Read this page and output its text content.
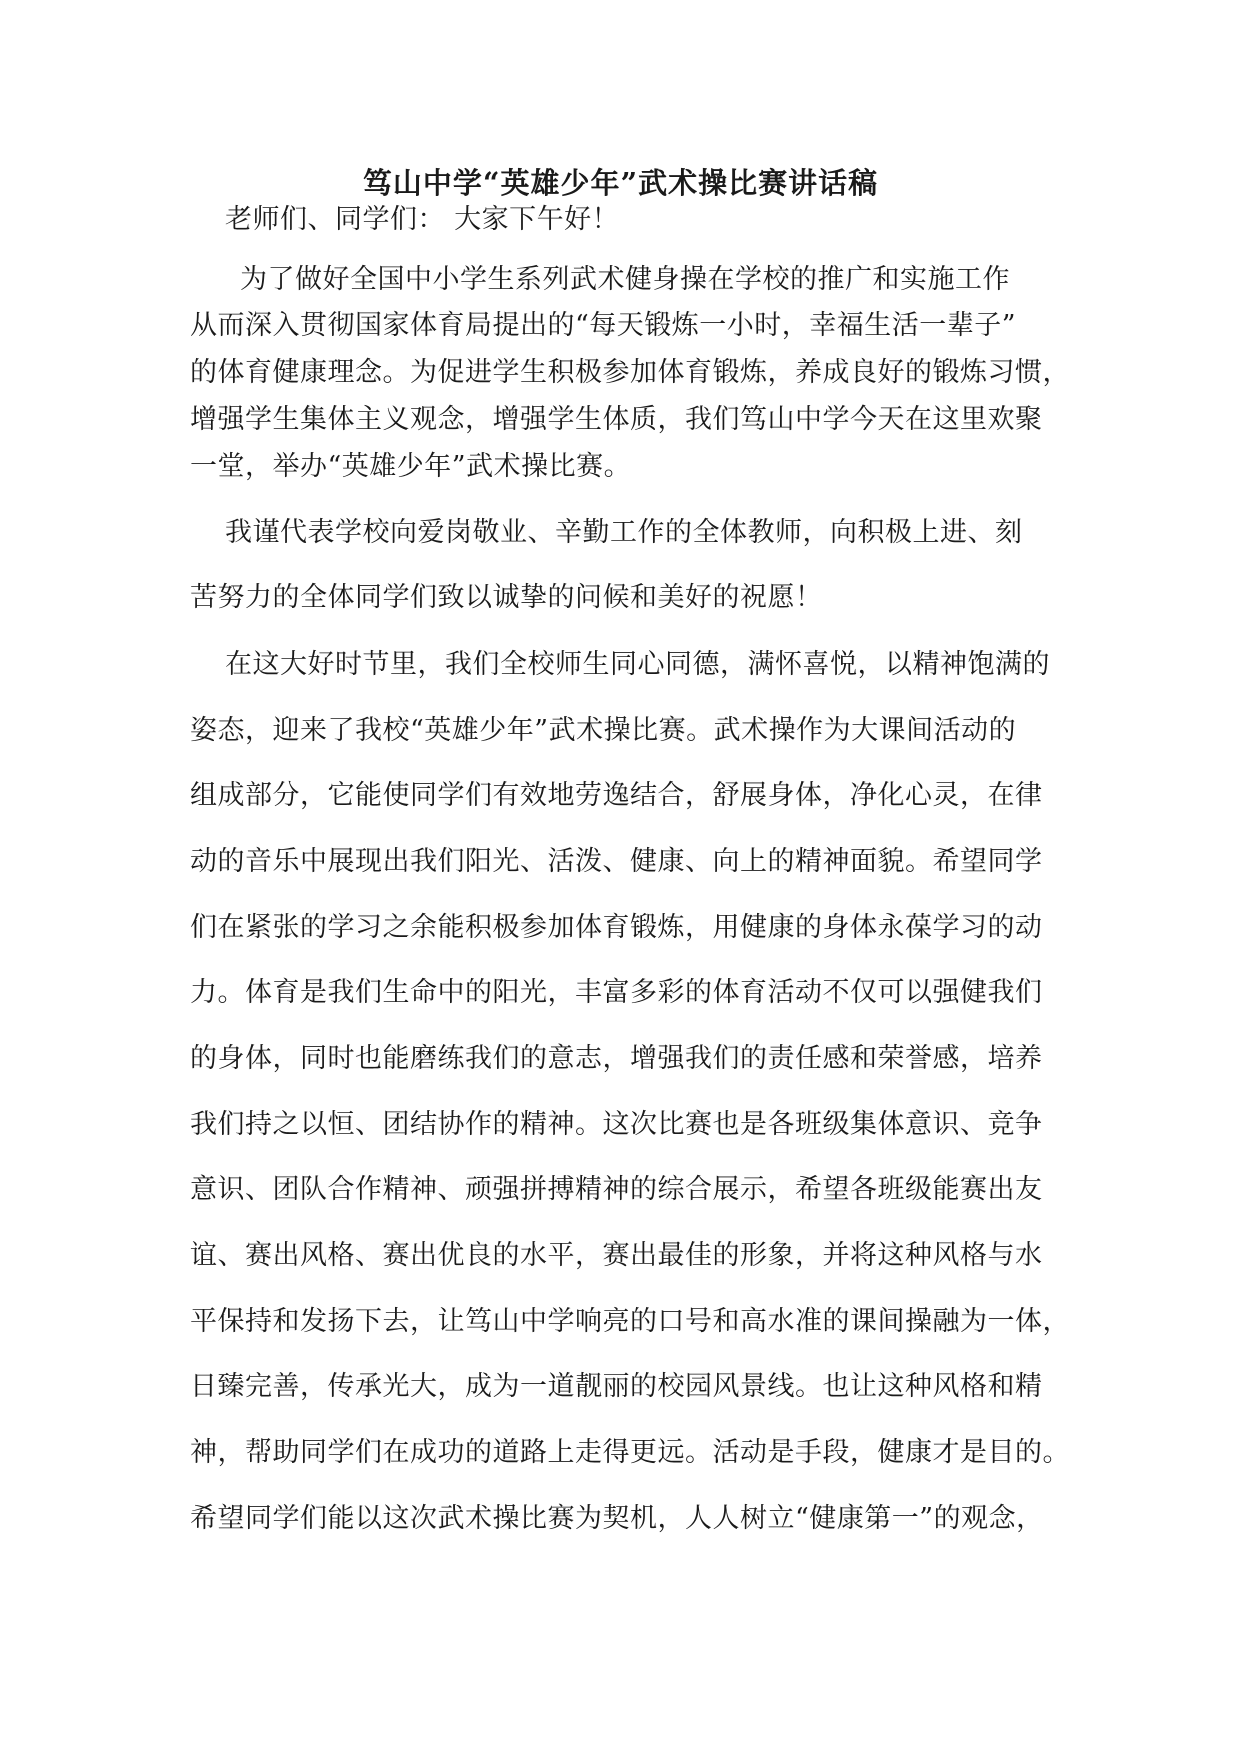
笃山中学“英雄少年”武术操比赛讲话稿
老师们、同学们： 大家下午好！
为了做好全国中小学生系列武术健身操在学校的推广和实施工作
从而深入贯彻国家体育局提出的“每天锻炼一小时，幸福生活一辈子”
的体育健康理念。为促进学生积极参加体育锻炼，养成良好的锻炼习惯，
增强学生集体主义观念，增强学生体质，我们笃山中学今天在这里欢聚
一堂，举办“英雄少年”武术操比赛。
我谨代表学校向爱岗敬业、辛勤工作的全体教师，向积极上进、刻
苦努力的全体同学们致以诚挚的问候和美好的祝愿！
在这大好时节里，我们全校师生同心同德，满怀喜悦，以精神饱满的
姿态，迎来了我校“英雄少年”武术操比赛。武术操作为大课间活动的
组成部分，它能使同学们有效地劳逸结合，舒展身体，净化心灵，在律
动的音乐中展现出我们阳光、活泼、健康、向上的精神面貌。希望同学
们在紧张的学习之余能积极参加体育锻炼，用健康的身体永葆学习的动
力。体育是我们生命中的阳光，丰富多彩的体育活动不仅可以强健我们
的身体，同时也能磨练我们的意志，增强我们的责任感和荣誉感，培养
我们持之以恒、团结协作的精神。这次比赛也是各班级集体意识、竞争
意识、团队合作精神、顽强拼搏精神的综合展示，希望各班级能赛出友
谊、赛出风格、赛出优良的水平，赛出最佳的形象，并将这种风格与水
平保持和发扬下去，让笃山中学响亮的口号和高水准的课间操融为一体，
日臻完善，传承光大，成为一道靓丽的校园风景线。也让这种风格和精
神，帮助同学们在成功的道路上走得更远。活动是手段，健康才是目的。
希望同学们能以这次武术操比赛为契机，人人树立“健康第一”的观念，
